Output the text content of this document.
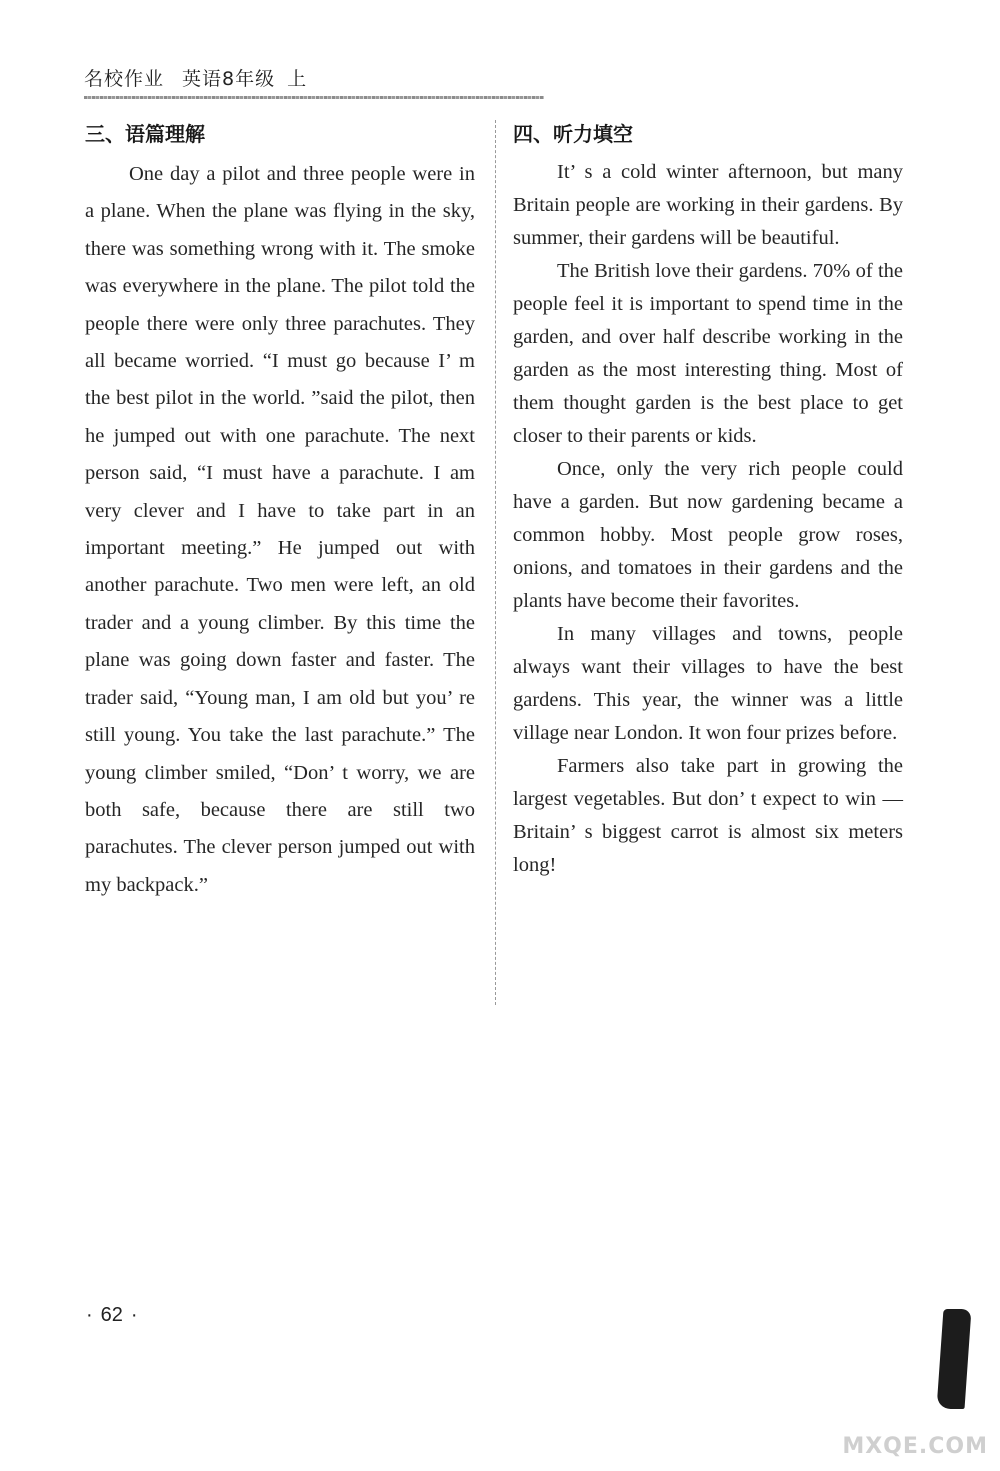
名校作业 英语8年级 上
三、语篇理解

One day a pilot and three people were in a plane. When the plane was flying in the sky, there was something wrong with it. The smoke was everywhere in the plane. The pilot told the people there were only three parachutes. They all became worried. “I must go because I’ m the best pilot in the world. ”said the pilot, then he jumped out with one parachute. The next person said, “I must have a parachute. I am very clever and I have to take part in an important meeting.” He jumped out with another parachute. Two men were left, an old trader and a young climber. By this time the plane was going down faster and faster. The trader said, “Young man, I am old but you’ re still young. You take the last parachute.” The young climber smiled, “Don’ t worry, we are both safe, because there are still two parachutes. The clever person jumped out with my backpack.”

四、听力填空

It’ s a cold winter afternoon, but many Britain people are working in their gardens. By summer, their gardens will be beautiful.

The British love their gardens. 70% of the people feel it is important to spend time in the garden, and over half describe working in the garden as the most interesting thing. Most of them thought garden is the best place to get closer to their parents or kids.

Once, only the very rich people could have a garden. But now gardening became a common hobby. Most people grow roses, onions, and tomatoes in their gardens and the plants have become their favorites.

In many villages and towns, people always want their villages to have the best gardens. This year, the winner was a little village near London. It won four prizes before.

Farmers also take part in growing the largest vegetables. But don’ t expect to win — Britain’ s biggest carrot is almost six meters long!

· 62 ·
MXQE.COM
